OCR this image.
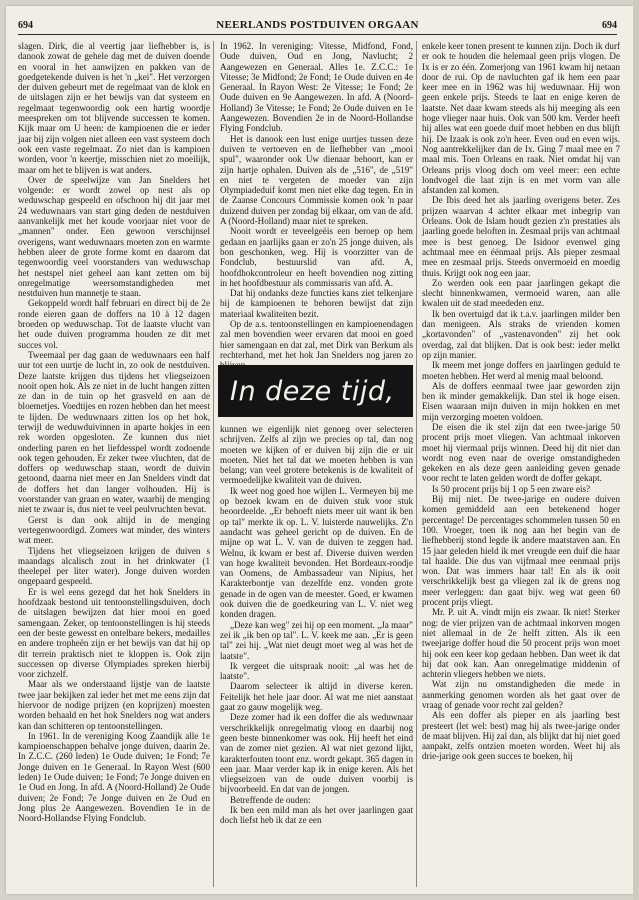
694	NEERLANDS POSTDUIVEN ORGAAN	694

slagen. Dirk, die al veertig jaar liefhebber is, is danook zowat de gehele dag met de duiven doende en vooral in het aanwijzen en pakken van de goedgetekende duiven is het 'n „kei". Het verzorgen der duiven gebeurt met de regelmaat van de klok en de uitslagen zijn er het bewijs van dat systeem en regelmaat tegenwoordig ook een hartig woordje meespreken om tot blijvende successen te komen. Kijk maar om U heen: de kampioenen die er ieder jaar bij zijn volgen niet alleen een vast systeem doch ook een vaste regelmaat. Zo niet dan is kampioen worden, voor 'n keertje, misschien niet zo moeilijk, maar om het te blijven is wat anders.

Over de speelwijze van Jan Snelders het volgende: er wordt zowel op nest als op weduwschap gespeeld en ofschoon hij dit jaar met 24 weduwnaars van start ging deden de nestduiven aanvankelijk met het koude voorjaar niet voor de „mannen" onder. Een gewoon verschijnsel overigens, want weduwnaars moeten zon en warmte hebben aleer de grote forme komt en daarom dat tegenwoordig veel voorstanders van weduwschap het nestspel niet geheel aan kant zetten om bij onregelmatige weersomstandigheden met nestduiven hun mannetje te staan.

Gekoppeld wordt half februari en direct bij de 2e ronde eieren gaan de doffers na 10 à 12 dagen broeden op weduwschap. Tot de laatste vlucht van het oude duiven programma houden ze dit met succes vol.

Tweemaal per dag gaan de weduwnaars een half uur tot een uurtje de lucht in, zo ook de nestduiven. Deze laatste krijgen dus tijdens het vliegseizoen nooit open hok. Als ze niet in de lucht hangen zitten ze dan in de tuin op het grasveld en aan de bloemetjes. Voedtijes en rozen hebben dan het meest te lijden. De weduwnaars zitten los op het hok, terwijl de weduwduivinnen in aparte hokjes in een rek worden opgesloten. Ze kunnen dus niet onderling paren en het liefdesspel wordt zodoende ook tegen gehouden. Er zeker twee vluchten, dat de doffers op weduwschap staan, wordt de duivin getoond, daarna niet meer en Jan Snelders vindt dat de doffers het dan langer volhouden. Hij is voorstander van graan en water, waarbij de menging niet te zwaar is, dus niet te veel peulvruchten bevat.

Gerst is dan ook altijd in de menging vertegenwoordigd. Zomers wat minder, des winters wat meer.

Tijdens het vliegseizoen krijgen de duiven s maandags alcalisch zout in het drinkwater (1 theelepel per liter water). Jonge duiven worden ongepaard gespeeld.

Er is wel eens gezegd dat het hok Snelders in hoofdzaak bestond uit tentoonstellingsduiven, doch de uitslagen bewijzen dat hier mooi en goed samengaan. Zeker, op tentoonstellingen is hij steeds een der beste gewesst en ontelbare bekers, medailles en andere tropheën zijn er het bewijs van dat hij op dit terrein praktisch niet te kloppen is. Ook zijn successen op diverse Olympiades spreken hierbij voor zichzelf.

Maar als we onderstaand lijstje van de laatste twee jaar bekijken zal ieder het met me eens zijn dat hiervoor de nodige prijzen (en koprijzen) moesten worden behaald en het hok Snelders nog wat anders kan dan schitteren op tentoonstellingen.

In 1961. In de vereniging Koog Zaandijk alle 1e kampioenschappen behalve jonge duiven, daarin 2e. In Z.C.C. (260 leden) 1e Oude duiven; 1e Fond; 7e Jonge duiven en 1e Generaal. In Rayon West (600 leden) 1e Oude duiven; 1e Fond; 7e Jonge duiven en 1e Oud en Jong. In afd. A (Noord-Holland) 2e Oude duiven; 2e Fond; 7e Jonge duiven en 2e Oud en Jong plus 2e Aangewezen. Bovendien 1e in de Noord-Hollandse Flying Fondclub.

In 1962. In vereniging: Vitesse, Midfond, Fond, Oude duiven, Oud en Jong, Navlucht; 2 Aangewezen en Generaal. Alles 1e. Z.C.C.: 1e Vitesse; 3e Midfond; 2e Fond; 1e Oude duiven en 4e Generaal. In Rayon West: 2e Vitesse; 1e Fond; 2e Oude duiven en 9e Aangewezen. In afd. A (Noord-Holland) 3e Vitesse; 1e Fond; 2e Oude duiven en 1e Aangewezen. Bovendien 2e in de Noord-Hollandse Flying Fondclub.

Het is danook een lust enige uurtjes tussen deze duiven te vertoeven en de liefhebber van „mooi spul", waaronder ook Uw dienaar behoort, kan er zijn hartje ophalen. Duiven als de „516", de „519" en niet te vergeten de moeder van zijn Olympiadeduif komt men niet elke dag tegen. En in de Zaanse Concours Commissie komen ook 'n paar duizend duiven per zondag bij elkaar, om van de afd. A (Noord-Holland) maar niet te spreken.

Nooit wordt er teveelgeëis een beroep op hem gedaan en jaarlijks gaan er zo'n 25 jonge duiven, als bon geschonken, weg. Hij is voorzitter van de Fondclub, bestuurslid van afd. A, hoofdhokcontroleur en heeft bovendien nog zitting in het hoofdbestuur als commissaris van afd. A.

Dat hij ondanks deze functies kans ziet telkenjare bij de kampioenen te behoren bewijst dat zijn materiaal kwaliteiten bezit.

Op de a.s. tentoonstellingen en kampioenendagen zal men bovendien weer ervaren dat mooi en goed hier samengaan en dat zal, met Dirk van Berkum als rechterhand, met het hok Jan Snelders nog jaren zo

In deze tijd,

kunnen we eigenlijk niet genoeg over selecteren schrijven. Zelfs al zijn we precies op tal, dan nog moeten we kijken of er duiven bij zijn die er uit moeten. Niet het tal dat we moeten hebben is van belang; van veel grotere betekenis is de kwaliteit of vermoedelijke kwaliteit van de duiven.

Ik weet nog goed hoe wijlen L. Vermeyen bij me op bezoek kwam en de duiven stuk voor stuk beoordeelde. „Er behoeft niets meer uit want ik ben op tal" merkte ik op. L. V. luisterde nauwelijks. Z'n aandacht was geheel gericht op de duiven. En de mijne op wat L. V. van de duiven te zeggen had. Welnu, ik kwam er best af. Diverse duiven werden van hoge kwaliteit bevonden. Het Bordeaux-roodje van Oomens, de Ambassadeur van Nipius, het Karakterbontje van dezelfde enz. vonden grote genade in de ogen van de meester. Goed, er kwamen ook duiven die de goedkeuring van L. V. niet weg konden dragen.

„Deze kan weg" zei hij op een moment. „Ja maar" zei ik „ik ben op tal". L. V. keek me aan. „Er is geen tal" zei hij. „Wat niet deugt moet weg al was het de laatste".

Ik vergeet die uitspraak nooit: „al was het de laatste".

Daarom selecteer ik altijd in diverse keren. Feitelijk het hele jaar door. Al wat me niet aanstaat gaat zo gauw mogelijk weg.

Deze zomer had ik een doffer die als weduwnaar verschrikkelijk onregelmatig vloog en daarbij nog geen beste binnenkomer was ook. Hij heeft het eind van de zomer niet gezien. Al wat niet gezond lijkt, karakterfouten toont enz. wordt gekapt. 365 dagen in een jaar. Maar verder kap ik in enige keren. Als het vliegseizoen van de oude duiven voorbij is bijvoorbeeld. En dat van de jongen.

Betreffende de ouden:

Ik ben een mild man als het over jaarlingen gaat doch liefst heb ik dat ze een

enkele keer tonen present te kunnen zijn. Doch ik durf er ook te houden die helemaal geen prijs vlogen. De Ix is er zo één. Zomerjong van 1961 kwam hij netaan door de rui. Op de navluchten gaf ik hem een paar keer mee en in 1962 was hij weduwnaar. Hij won geen enkele prijs. Steeds te laat en enige keren de laatste. Net daar kwam steeds als hij meeging als een hoge vlieger naar huis. Ook van 500 km. Verder heeft hij alles wat een goede duif moet hebben en dus blijft hij. De Izaak is ook zo'n heer. Even oud en even wijs. Nog aantrekkelijker dan de Ix. Ging 7 maal mee en 7 maal mis. Toen Orleans en raak. Niet omdat hij van Orleans prijs vloog doch om veel meer: een echte londvogel die laat zijn is en met vorm van alle afstanden zal komen.

De Ibis deed het als jaarling overigens beter. Zes prijzen waarvan 4 achter elkaar met inbegrip van Orleans. Ook de Islam houdt gezien z'n prestaties als jaarling goede beloften in. Zesmaal prijs van achtmaal mee is best genoeg. De Isidoor evenwel ging achtmaal mee en éénmaal prijs. Als pieper zesmaal mee en zesmaal prijs. Steeds onvermoeid en moedig thuis. Krijgt ook nog een jaar.

Zo werden ook een paar jaarlingen gekapt die slecht binnenkwamen, vermoeid waren, aan alle kwalen uit de stad meededen enz.

Ik ben overtuigd dat ik t.a.v. jaarlingen milder ben dan menigeen. Als straks de vrienden komen „kortavonden" of „vastenavonden" zij het ook overdag, zal dat blijken. Dat is ook best: ieder melkt op zijn manier.

Ik meem met jonge doffers en jaarlingen geduld te moeten hebben. Het werd al menig maal beloond.

Als de doffers eenmaal twee jaar geworden zijn ben ik minder gemakkelijk. Dan stel ik hoge eisen. Eisen waaraan mijn duiven in mijn hokken en met mijn verzorging moeten voldoen.

De eisen die ik stel zijn dat een twee-jarige 50 procent prijs moet vliegen. Van achtmaal inkorven moet hij viermaal prijs winnen. Deed hij dit niet dan wordt nog even naar de overige omstandigheden gekeken en als deze geen aanleiding geven genade voor recht te laten gelden wordt de doffer gekapt.

Is 50 procent prijs bij 1 op 5 een zware eis?

Bij mij niet. De twee-jarige en oudere duiven komen gemiddeld aan een betekenend hoger percentage! De percentages schommelen tussen 50 en 100. Vroeger, toen ik nog aan het begin van de liefhebberij stond legde ik andere maatstaven aan. En 15 jaar geleden hield ik met vreugde een duif die haar tal haalde. Die dus van vijfmaal mee eenmaal prijs won. Dat was immers haar tal! En als ik ooit verschrikkelijk best ga vliegen zal ik de grens nog meer verleggen: dan gaat bijv. weg wat geen 60 procent prijs vliegt.

Mr. P. uit A. vindt mijn eis zwaar. Ik niet! Sterker nog: de vier prijzen van de achtmaal inkorven mogen niet allemaal in de 2e helft zitten. Als ik een tweejarige doffer houd die 50 procent prijs won moet hij ook een keer kop gedaan hebben. Dan weet ik dat hij dat ook kan. Aan onregelmatige middenin of achterin vliegers hebben we niets.

Wat zijn nu omstandigheden die mede in aanmerking genomen worden als het gaat over de vraag of genade voor recht zal gelden?

Als een doffer als pieper en als jaarling best presteert (let wel: best) mag hij als twee-jarige onder de maat blijven. Hij zal dan, als blijkt dat hij niet goed aanpakt, zelfs ontzien moeten worden. Weet hij als drie-jarige ook geen succes te boeken, hij
